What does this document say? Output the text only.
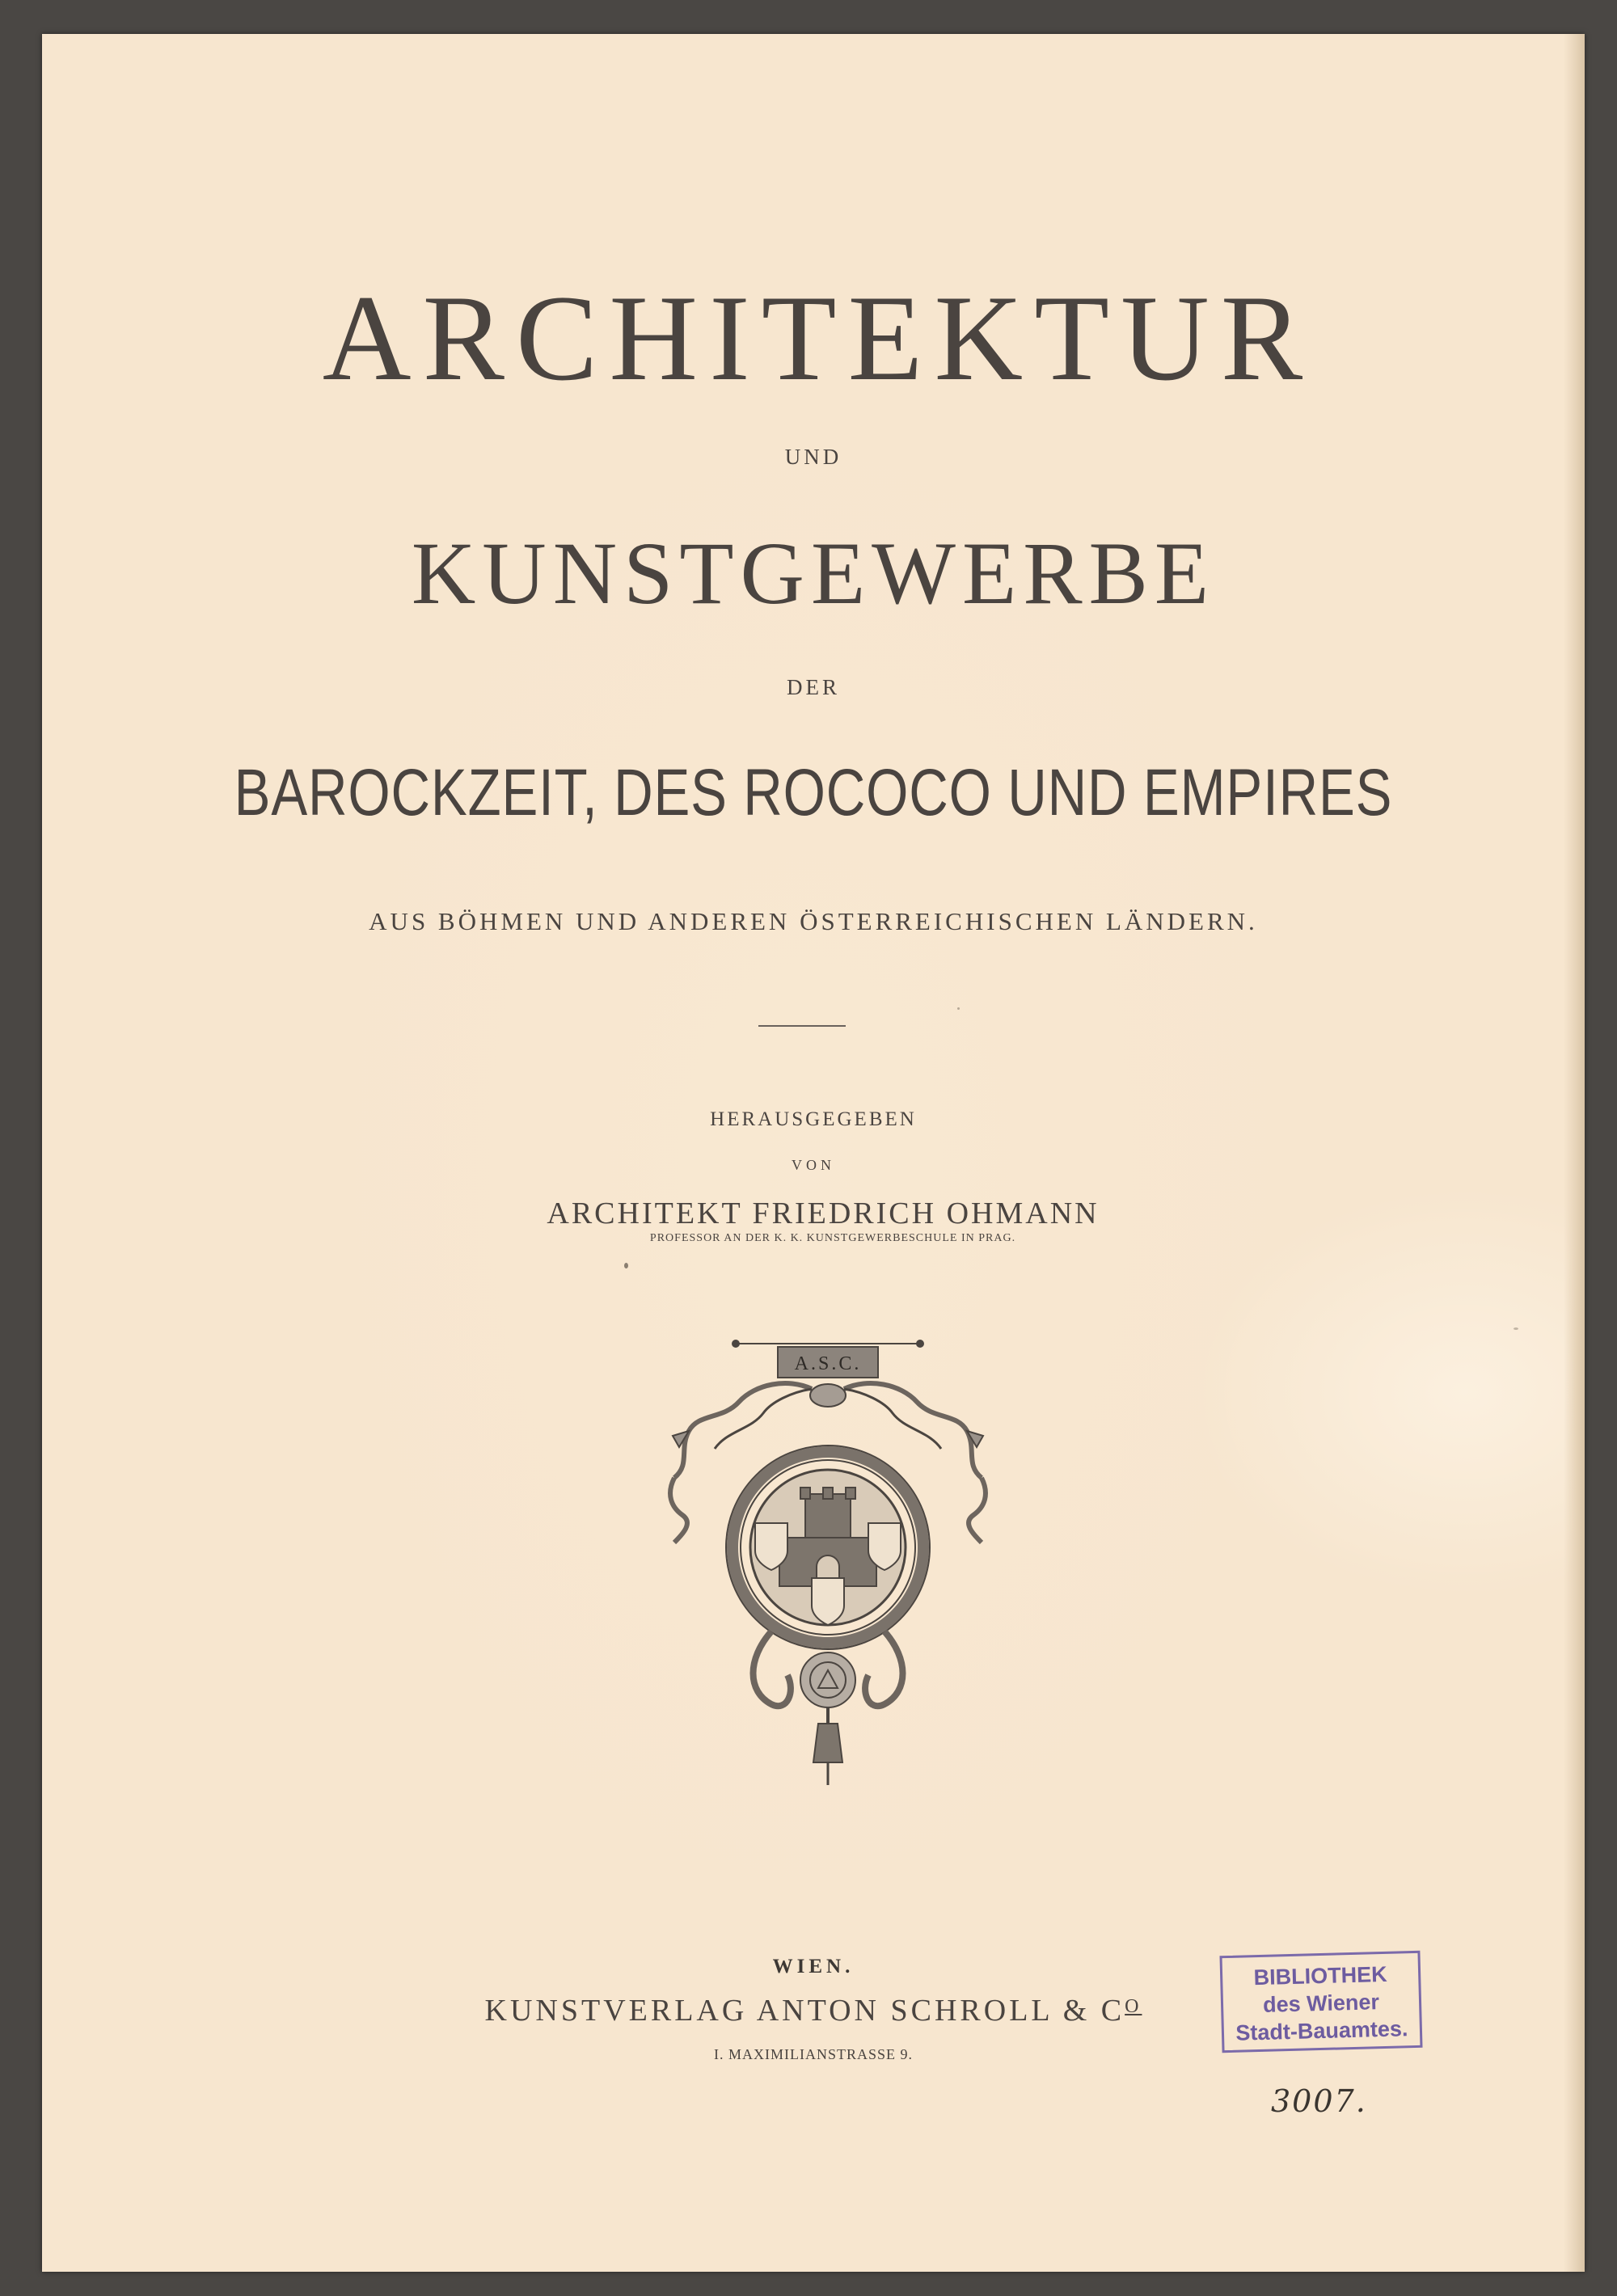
ARCHITEKTUR
UND
KUNSTGEWERBE
DER
BAROCKZEIT, DES ROCOCO UND EMPIRES
AUS BÖHMEN UND ANDEREN ÖSTERREICHISCHEN LÄNDERN.
HERAUSGEGEBEN
VON
ARCHITEKT FRIEDRICH OHMANN
PROFESSOR AN DER K. K. KUNSTGEWERBESCHULE IN PRAG.
A.S.C.
WIEN.
KUNSTVERLAG ANTON SCHROLL & $C^O$
I. MAXIMILIANSTRASSE 9.
BIBLIOTHEK
des Wiener
Stadt-Bauamtes.
3007.
